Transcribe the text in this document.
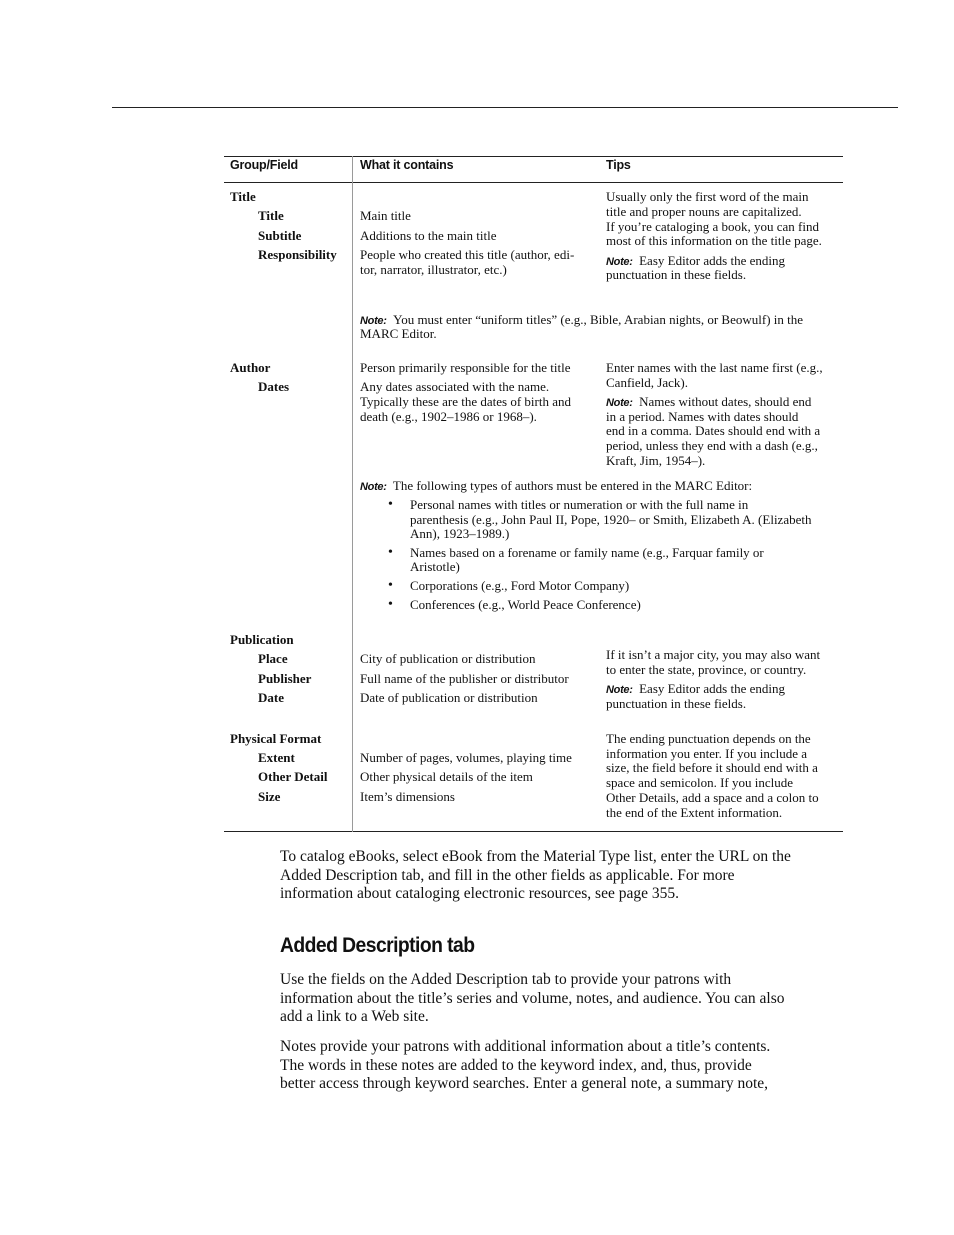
Group/Field	What it contains	Tips
Title
Title
Subtitle
Responsibility
Main title
Additions to the main title
People who created this title (author, edi-
tor, narrator, illustrator, etc.)
Usually only the first word of the main
title and proper nouns are capitalized.
If you’re cataloging a book, you can find
most of this information on the title page.
Note: Easy Editor adds the ending
punctuation in these fields.
Note: You must enter “uniform titles” (e.g., Bible, Arabian nights, or Beowulf) in the
MARC Editor.
Author
Dates
Person primarily responsible for the title
Any dates associated with the name.
Typically these are the dates of birth and
death (e.g., 1902–1986 or 1968–).
Enter names with the last name first (e.g.,
Canfield, Jack).
Note: Names without dates, should end
in a period. Names with dates should
end in a comma. Dates should end with a
period, unless they end with a dash (e.g.,
Kraft, Jim, 1954–).
Note: The following types of authors must be entered in the MARC Editor:
• Personal names with titles or numeration or with the full name in
parenthesis (e.g., John Paul II, Pope, 1920– or Smith, Elizabeth A. (Elizabeth
Ann), 1923–1989.)
• Names based on a forename or family name (e.g., Farquar family or
Aristotle)
• Corporations (e.g., Ford Motor Company)
• Conferences (e.g., World Peace Conference)
Publication
Place
Publisher
Date
City of publication or distribution
Full name of the publisher or distributor
Date of publication or distribution
If it isn’t a major city, you may also want
to enter the state, province, or country.
Note: Easy Editor adds the ending
punctuation in these fields.
Physical Format
Extent
Other Detail
Size
Number of pages, volumes, playing time
Other physical details of the item
Item’s dimensions
The ending punctuation depends on the
information you enter. If you include a
size, the field before it should end with a
space and semicolon. If you include
Other Details, add a space and a colon to
the end of the Extent information.
To catalog eBooks, select eBook from the Material Type list, enter the URL on the
Added Description tab, and fill in the other fields as applicable. For more
information about cataloging electronic resources, see page 355.
Added Description tab
Use the fields on the Added Description tab to provide your patrons with
information about the title’s series and volume, notes, and audience. You can also
add a link to a Web site.
Notes provide your patrons with additional information about a title’s contents.
The words in these notes are added to the keyword index, and, thus, provide
better access through keyword searches. Enter a general note, a summary note,
